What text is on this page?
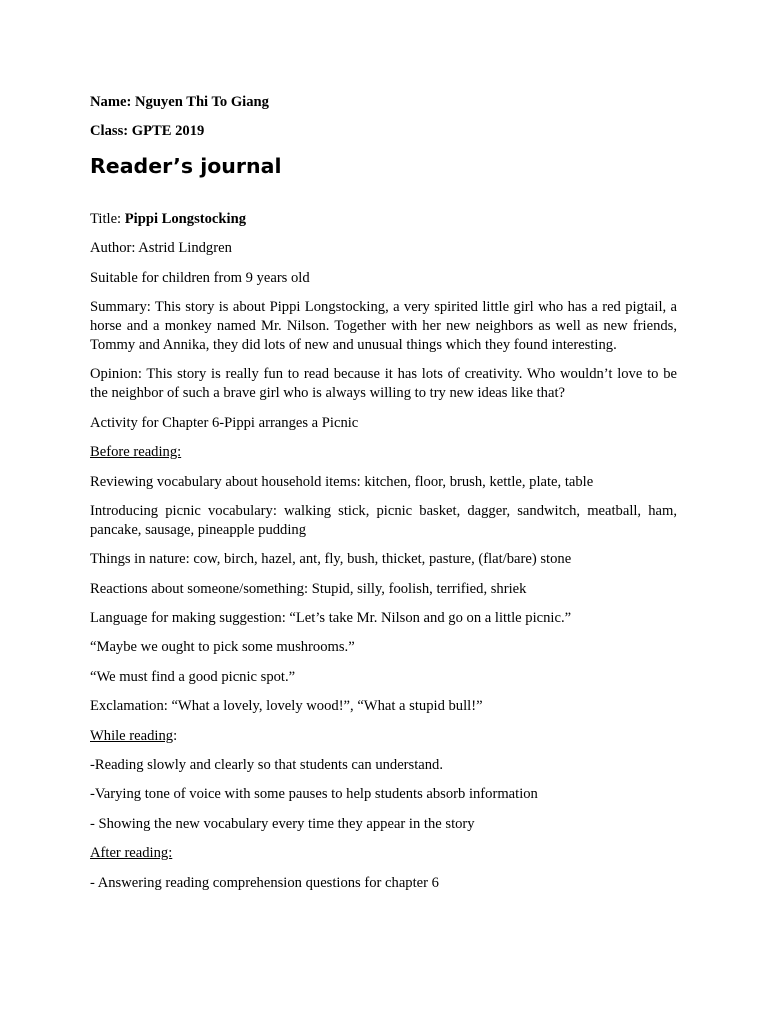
Name: Nguyen Thi To Giang

Class: GPTE 2019

Reader’s journal

Title: Pippi Longstocking

Author: Astrid Lindgren

Suitable for children from 9 years old

Summary: This story is about Pippi Longstocking, a very spirited little girl who has a red pigtail, a horse and a monkey named Mr. Nilson. Together with her new neighbors as well as new friends, Tommy and Annika, they did lots of new and unusual things which they found interesting.

Opinion: This story is really fun to read because it has lots of creativity. Who wouldn’t love to be the neighbor of such a brave girl who is always willing to try new ideas like that?

Activity for Chapter 6-Pippi arranges a Picnic

Before reading:

Reviewing vocabulary about household items: kitchen, floor, brush, kettle, plate, table

Introducing picnic vocabulary: walking stick, picnic basket, dagger, sandwitch, meatball, ham, pancake, sausage, pineapple pudding

Things in nature: cow, birch, hazel, ant, fly, bush, thicket, pasture, (flat/bare) stone

Reactions about someone/something: Stupid, silly, foolish, terrified, shriek

Language for making suggestion: “Let’s take Mr. Nilson and go on a little picnic.”

“Maybe we ought to pick some mushrooms.”

“We must find a good picnic spot.”

Exclamation: “What a lovely, lovely wood!”, “What a stupid bull!”

While reading:

-Reading slowly and clearly so that students can understand.

-Varying tone of voice with some pauses to help students absorb information

- Showing the new vocabulary every time they appear in the story

After reading:

- Answering reading comprehension questions for chapter 6
